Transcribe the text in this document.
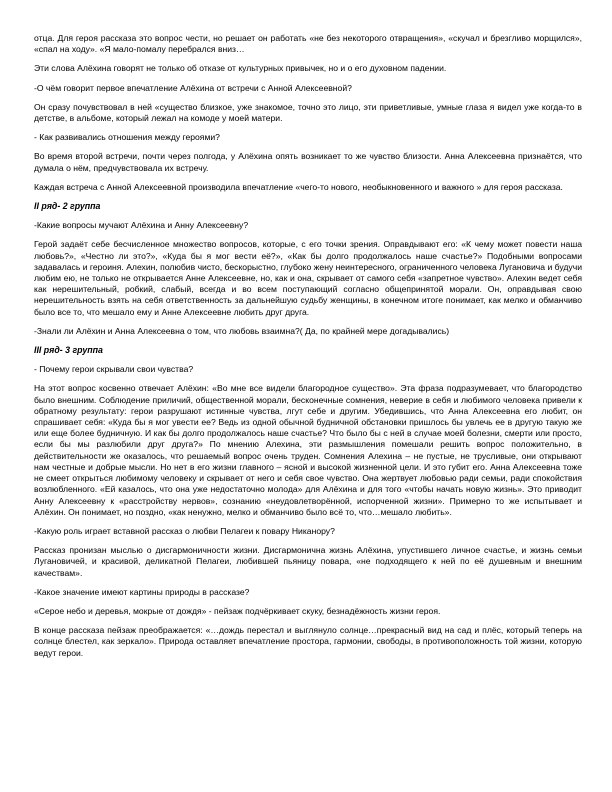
отца. Для героя рассказа это вопрос чести, но решает он работать «не без некоторого отвращения», «скучал и брезгливо морщился», «спал на ходу». «Я мало-помалу перебрался вниз…

Эти слова Алёхина говорят не только об отказе от культурных привычек, но и о его духовном падении.

-О чём говорит первое впечатление Алёхина от встречи с Анной Алексеевной?

Он сразу почувствовал в ней «существо близкое, уже знакомое, точно это лицо, эти приветливые, умные глаза я видел уже когда-то в детстве, в альбоме, который лежал на комоде у моей матери.

- Как развивались отношения между героями?

Во время второй встречи, почти через полгода, у Алёхина опять возникает то же чувство близости. Анна Алексеевна признаётся, что думала о нём, предчувствовала их встречу.

Каждая встреча с Анной Алексеевной производила впечатление «чего-то нового, необыкновенного и важного » для героя рассказа.

II ряд- 2 группа

-Какие вопросы мучают Алёхина и Анну Алексеевну?

Герой задаёт себе бесчисленное множество вопросов, которые, с его точки зрения. Оправдывают его: «К чему может повести наша любовь?», «Честно ли это?», «Куда бы я мог вести её?», «Как бы долго продолжалось наше счастье?» Подобными вопросами задавалась и героиня. Алехин, полюбив чисто, бескорыстно, глубоко жену неинтересного, ограниченного человека Лугановича и будучи любим ею, не только не открывается Анне Алексеевне, но, как и она, скрывает от самого себя «запретное чувство». Алехин ведет себя как нерешительный, робкий, слабый, всегда и во всем поступающий согласно общепринятой морали. Он, оправдывая свою нерешительность взять на себя ответственность за дальнейшую судьбу женщины, в конечном итоге понимает, как мелко и обманчиво было все то, что мешало ему и Анне Алексеевне любить друг друга.

-Знали ли Алёхин и Анна Алексеевна о том, что любовь взаимна?( Да, по крайней мере догадывались)

III ряд- 3 группа

- Почему герои скрывали свои чувства?

На этот вопрос косвенно отвечает Алёхин: «Во мне все видели благородное существо». Эта фраза подразумевает, что благородство было внешним. Соблюдение приличий, общественной морали, бесконечные сомнения, неверие в себя и любимого человека привели к обратному результату: герои разрушают истинные чувства, лгут себе и другим. Убедившись, что Анна Алексеевна его любит, он спрашивает себя: «Куда бы я мог увести ее? Ведь из одной обычной будничной обстановки пришлось бы увлечь ее в другую такую же или еще более будничную. И как бы долго продолжалось наше счастье? Что было бы с ней в случае моей болезни, смерти или просто, если бы мы разлюбили друг друга?» По мнению Алехина, эти размышления помешали решить вопрос положительно, в действительности же оказалось, что решаемый вопрос очень труден. Сомнения Алехина – не пустые, не трусливые, они открывают нам честные и добрые мысли. Но нет в его жизни главного – ясной и высокой жизненной цели. И это губит его. Анна Алексеевна тоже не смеет открыться любимому человеку и скрывает от него и себя свое чувство. Она жертвует любовью ради семьи, ради спокойствия возлюбленного. «Ей казалось, что она уже недостаточно молода» для Алёхина и для того «чтобы начать новую жизнь». Это приводит Анну Алексеевну к «расстройству нервов», сознанию «неудовлетворённой, испорченной жизни». Примерно то же испытывает и Алёхин. Он понимает, но поздно, «как ненужно, мелко и обманчиво было всё то, что…мешало любить».

-Какую роль играет вставной рассказ о любви Пелагеи к повару Никанору?

Рассказ пронизан мыслью о дисгармоничности жизни. Дисгармонична жизнь Алёхина, упустившего личное счастье, и жизнь семьи Лугановичей, и красивой, деликатной Пелагеи, любившей пьяницу повара, «не подходящего к ней по её душевным и внешним качествам».

-Какое значение имеют картины природы в рассказе?

«Серое небо и деревья, мокрые от дождя» - пейзаж подчёркивает скуку, безнадёжность жизни героя.

В конце рассказа пейзаж преображается: «…дождь перестал и выглянуло солнце…прекрасный вид на сад и плёс, который теперь на солнце блестел, как зеркало». Природа оставляет впечатление простора, гармонии, свободы, в противоположность той жизни, которую ведут герои.
